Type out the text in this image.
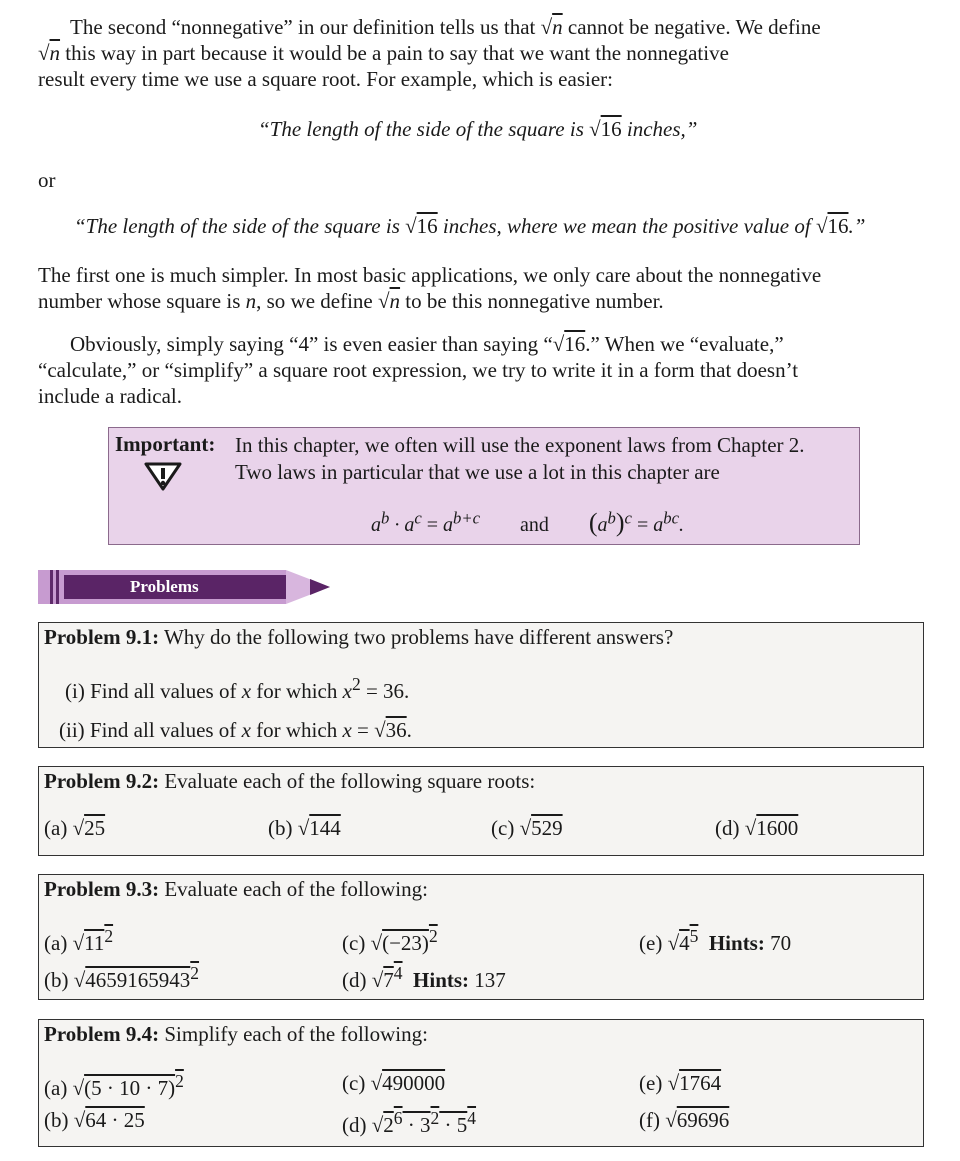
The second “nonnegative” in our definition tells us that √n cannot be negative. We define

√n this way in part because it would be a pain to say that we want the nonnegative

result every time we use a square root. For example, which is easier:

“The length of the side of the square is √16 inches,”
or
“The length of the side of the square is √16 inches, where we mean the positive value of √16.”

The first one is much simpler. In most basic applications, we only care about the nonnegative

number whose square is n, so we define √n to be this nonnegative number.

Obviously, simply saying “4” is even easier than saying “√16.” When we “evaluate,”

“calculate,” or “simplify” a square root expression, we try to write it in a form that doesn’t

include a radical.

Important: In this chapter, we often will use the exponent laws from Chapter 2.
Two laws in particular that we use a lot in this chapter are
$a^b \cdot a^c = a^{b+c}$ and $(a^b)^c = a^{bc}$.
Problems
Problem 9.1: Why do the following two problems have different answers?
(i) Find all values of x for which $x^2 = 36$.
(ii) Find all values of x for which x = √36.
Problem 9.2: Evaluate each of the following square roots:
(a) √25	(b) √144	(c) √529	(d) √1600
Problem 9.3: Evaluate each of the following:
(a) $√11^2$	(c) $√(-23)^2$	(e) $√4^5$ Hints: 70
(b) √4659165943$^2$	(d) $√7^4$ Hints: 137
Problem 9.4: Simplify each of the following:
(a) $√(5 \cdot 10 \cdot 7)^2$	(c) √490000	(e) √1764
(b) √64 · 25	(d) $√2^6 \cdot 3^2 \cdot 5^4$	(f) √69696
